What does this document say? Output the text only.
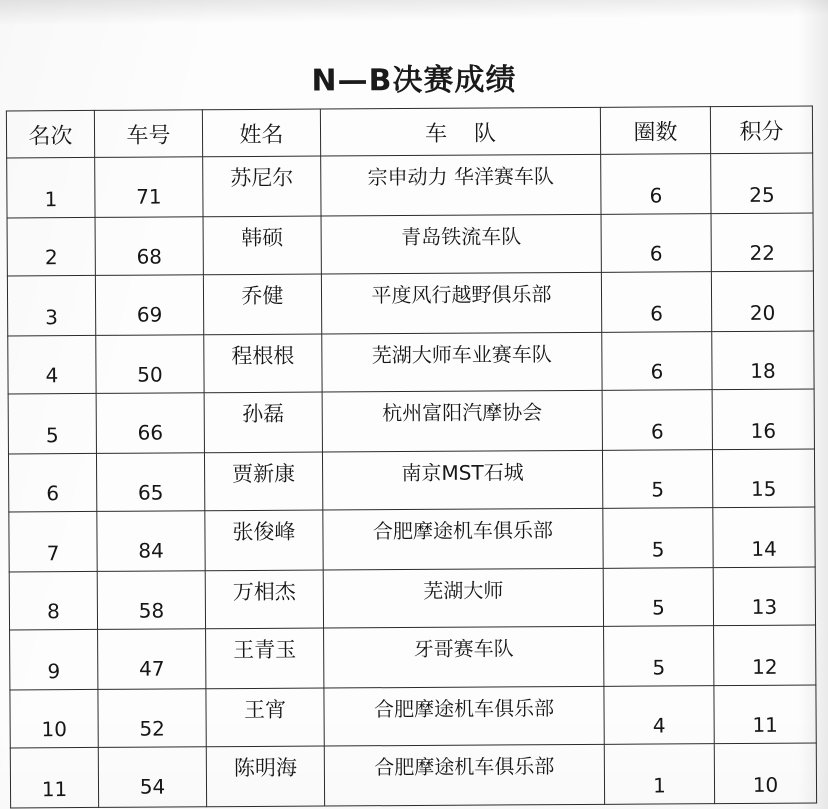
N—B决赛成绩
名次	车号	姓名	车 队	圈数	积分
1	71	苏尼尔	宗申动力 华洋赛车队	6	25
2	68	韩硕	青岛铁流车队	6	22
3	69	乔健	平度风行越野俱乐部	6	20
4	50	程根根	芜湖大师车业赛车队	6	18
5	66	孙磊	杭州富阳汽摩协会	6	16
6	65	贾新康	南京MST石城	5	15
7	84	张俊峰	合肥摩途机车俱乐部	5	14
8	58	万相杰	芜湖大师	5	13
9	47	王青玉	牙哥赛车队	5	12
10	52	王宵	合肥摩途机车俱乐部	4	11
11	54	陈明海	合肥摩途机车俱乐部	1	10
